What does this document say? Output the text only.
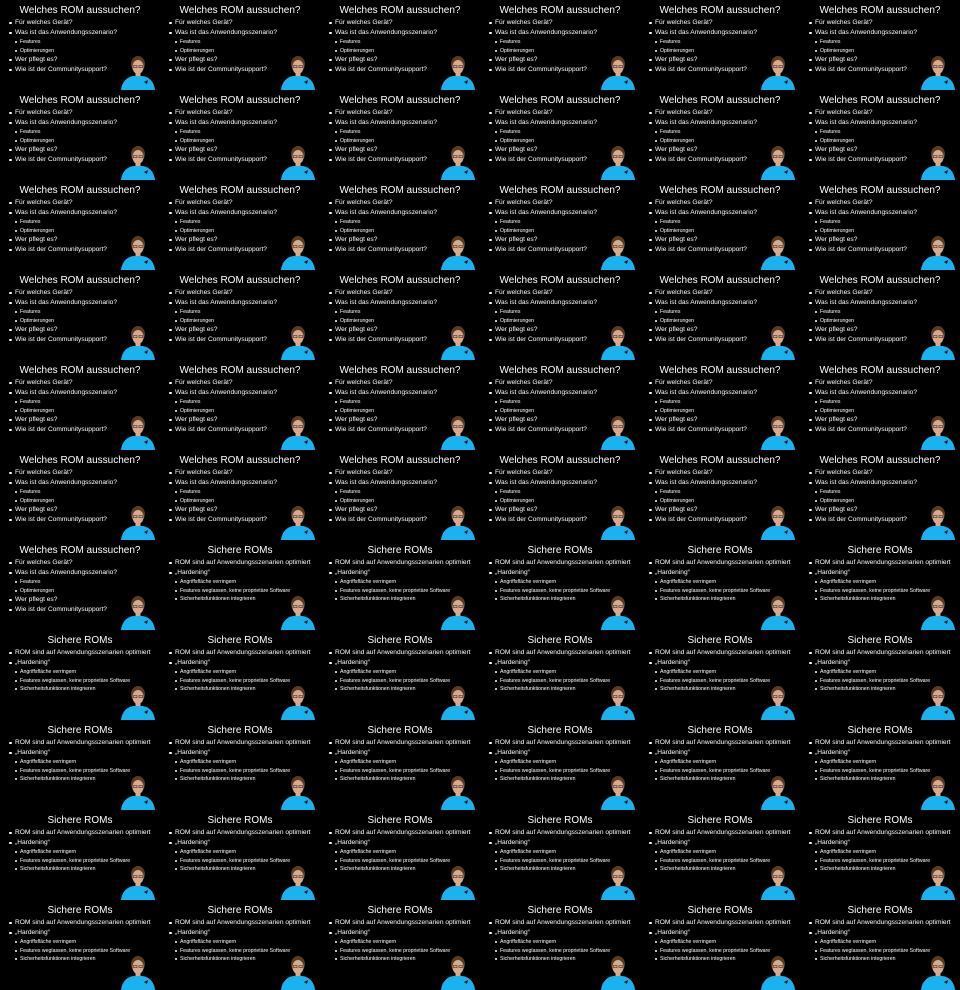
Welches ROM aussuchen?
Für welches Gerät?
Was ist das Anwendungsszenario?
Features
Optimierungen
Wer pflegt es?
Wie ist der Communitysupport?
Welches ROM aussuchen?
Für welches Gerät?
Was ist das Anwendungsszenario?
Features
Optimierungen
Wer pflegt es?
Wie ist der Communitysupport?
Welches ROM aussuchen?
Für welches Gerät?
Was ist das Anwendungsszenario?
Features
Optimierungen
Wer pflegt es?
Wie ist der Communitysupport?
Welches ROM aussuchen?
Für welches Gerät?
Was ist das Anwendungsszenario?
Features
Optimierungen
Wer pflegt es?
Wie ist der Communitysupport?
Welches ROM aussuchen?
Für welches Gerät?
Was ist das Anwendungsszenario?
Features
Optimierungen
Wer pflegt es?
Wie ist der Communitysupport?
Welches ROM aussuchen?
Für welches Gerät?
Was ist das Anwendungsszenario?
Features
Optimierungen
Wer pflegt es?
Wie ist der Communitysupport?
Welches ROM aussuchen?
Für welches Gerät?
Was ist das Anwendungsszenario?
Features
Optimierungen
Wer pflegt es?
Wie ist der Communitysupport?
Welches ROM aussuchen?
Für welches Gerät?
Was ist das Anwendungsszenario?
Features
Optimierungen
Wer pflegt es?
Wie ist der Communitysupport?
Welches ROM aussuchen?
Für welches Gerät?
Was ist das Anwendungsszenario?
Features
Optimierungen
Wer pflegt es?
Wie ist der Communitysupport?
Welches ROM aussuchen?
Für welches Gerät?
Was ist das Anwendungsszenario?
Features
Optimierungen
Wer pflegt es?
Wie ist der Communitysupport?
Welches ROM aussuchen?
Für welches Gerät?
Was ist das Anwendungsszenario?
Features
Optimierungen
Wer pflegt es?
Wie ist der Communitysupport?
Welches ROM aussuchen?
Für welches Gerät?
Was ist das Anwendungsszenario?
Features
Optimierungen
Wer pflegt es?
Wie ist der Communitysupport?
Welches ROM aussuchen?
Für welches Gerät?
Was ist das Anwendungsszenario?
Features
Optimierungen
Wer pflegt es?
Wie ist der Communitysupport?
Welches ROM aussuchen?
Für welches Gerät?
Was ist das Anwendungsszenario?
Features
Optimierungen
Wer pflegt es?
Wie ist der Communitysupport?
Welches ROM aussuchen?
Für welches Gerät?
Was ist das Anwendungsszenario?
Features
Optimierungen
Wer pflegt es?
Wie ist der Communitysupport?
Welches ROM aussuchen?
Für welches Gerät?
Was ist das Anwendungsszenario?
Features
Optimierungen
Wer pflegt es?
Wie ist der Communitysupport?
Welches ROM aussuchen?
Für welches Gerät?
Was ist das Anwendungsszenario?
Features
Optimierungen
Wer pflegt es?
Wie ist der Communitysupport?
Welches ROM aussuchen?
Für welches Gerät?
Was ist das Anwendungsszenario?
Features
Optimierungen
Wer pflegt es?
Wie ist der Communitysupport?
Welches ROM aussuchen?
Für welches Gerät?
Was ist das Anwendungsszenario?
Features
Optimierungen
Wer pflegt es?
Wie ist der Communitysupport?
Welches ROM aussuchen?
Für welches Gerät?
Was ist das Anwendungsszenario?
Features
Optimierungen
Wer pflegt es?
Wie ist der Communitysupport?
Welches ROM aussuchen?
Für welches Gerät?
Was ist das Anwendungsszenario?
Features
Optimierungen
Wer pflegt es?
Wie ist der Communitysupport?
Welches ROM aussuchen?
Für welches Gerät?
Was ist das Anwendungsszenario?
Features
Optimierungen
Wer pflegt es?
Wie ist der Communitysupport?
Welches ROM aussuchen?
Für welches Gerät?
Was ist das Anwendungsszenario?
Features
Optimierungen
Wer pflegt es?
Wie ist der Communitysupport?
Welches ROM aussuchen?
Für welches Gerät?
Was ist das Anwendungsszenario?
Features
Optimierungen
Wer pflegt es?
Wie ist der Communitysupport?
Welches ROM aussuchen?
Für welches Gerät?
Was ist das Anwendungsszenario?
Features
Optimierungen
Wer pflegt es?
Wie ist der Communitysupport?
Welches ROM aussuchen?
Für welches Gerät?
Was ist das Anwendungsszenario?
Features
Optimierungen
Wer pflegt es?
Wie ist der Communitysupport?
Welches ROM aussuchen?
Für welches Gerät?
Was ist das Anwendungsszenario?
Features
Optimierungen
Wer pflegt es?
Wie ist der Communitysupport?
Welches ROM aussuchen?
Für welches Gerät?
Was ist das Anwendungsszenario?
Features
Optimierungen
Wer pflegt es?
Wie ist der Communitysupport?
Welches ROM aussuchen?
Für welches Gerät?
Was ist das Anwendungsszenario?
Features
Optimierungen
Wer pflegt es?
Wie ist der Communitysupport?
Welches ROM aussuchen?
Für welches Gerät?
Was ist das Anwendungsszenario?
Features
Optimierungen
Wer pflegt es?
Wie ist der Communitysupport?
Welches ROM aussuchen?
Für welches Gerät?
Was ist das Anwendungsszenario?
Features
Optimierungen
Wer pflegt es?
Wie ist der Communitysupport?
Welches ROM aussuchen?
Für welches Gerät?
Was ist das Anwendungsszenario?
Features
Optimierungen
Wer pflegt es?
Wie ist der Communitysupport?
Welches ROM aussuchen?
Für welches Gerät?
Was ist das Anwendungsszenario?
Features
Optimierungen
Wer pflegt es?
Wie ist der Communitysupport?
Welches ROM aussuchen?
Für welches Gerät?
Was ist das Anwendungsszenario?
Features
Optimierungen
Wer pflegt es?
Wie ist der Communitysupport?
Welches ROM aussuchen?
Für welches Gerät?
Was ist das Anwendungsszenario?
Features
Optimierungen
Wer pflegt es?
Wie ist der Communitysupport?
Welches ROM aussuchen?
Für welches Gerät?
Was ist das Anwendungsszenario?
Features
Optimierungen
Wer pflegt es?
Wie ist der Communitysupport?
Welches ROM aussuchen?
Für welches Gerät?
Was ist das Anwendungsszenario?
Features
Optimierungen
Wer pflegt es?
Wie ist der Communitysupport?
Sichere ROMs
ROM sind auf Anwendungsszenarien optimiert
„Hardening“
Angriffsfläche verringern
Features weglassen, keine proprietäre Software
Sicherheitsfunktionen integrieren
Sichere ROMs
ROM sind auf Anwendungsszenarien optimiert
„Hardening“
Angriffsfläche verringern
Features weglassen, keine proprietäre Software
Sicherheitsfunktionen integrieren
Sichere ROMs
ROM sind auf Anwendungsszenarien optimiert
„Hardening“
Angriffsfläche verringern
Features weglassen, keine proprietäre Software
Sicherheitsfunktionen integrieren
Sichere ROMs
ROM sind auf Anwendungsszenarien optimiert
„Hardening“
Angriffsfläche verringern
Features weglassen, keine proprietäre Software
Sicherheitsfunktionen integrieren
Sichere ROMs
ROM sind auf Anwendungsszenarien optimiert
„Hardening“
Angriffsfläche verringern
Features weglassen, keine proprietäre Software
Sicherheitsfunktionen integrieren
Sichere ROMs
ROM sind auf Anwendungsszenarien optimiert
„Hardening“
Angriffsfläche verringern
Features weglassen, keine proprietäre Software
Sicherheitsfunktionen integrieren
Sichere ROMs
ROM sind auf Anwendungsszenarien optimiert
„Hardening“
Angriffsfläche verringern
Features weglassen, keine proprietäre Software
Sicherheitsfunktionen integrieren
Sichere ROMs
ROM sind auf Anwendungsszenarien optimiert
„Hardening“
Angriffsfläche verringern
Features weglassen, keine proprietäre Software
Sicherheitsfunktionen integrieren
Sichere ROMs
ROM sind auf Anwendungsszenarien optimiert
„Hardening“
Angriffsfläche verringern
Features weglassen, keine proprietäre Software
Sicherheitsfunktionen integrieren
Sichere ROMs
ROM sind auf Anwendungsszenarien optimiert
„Hardening“
Angriffsfläche verringern
Features weglassen, keine proprietäre Software
Sicherheitsfunktionen integrieren
Sichere ROMs
ROM sind auf Anwendungsszenarien optimiert
„Hardening“
Angriffsfläche verringern
Features weglassen, keine proprietäre Software
Sicherheitsfunktionen integrieren
Sichere ROMs
ROM sind auf Anwendungsszenarien optimiert
„Hardening“
Angriffsfläche verringern
Features weglassen, keine proprietäre Software
Sicherheitsfunktionen integrieren
Sichere ROMs
ROM sind auf Anwendungsszenarien optimiert
„Hardening“
Angriffsfläche verringern
Features weglassen, keine proprietäre Software
Sicherheitsfunktionen integrieren
Sichere ROMs
ROM sind auf Anwendungsszenarien optimiert
„Hardening“
Angriffsfläche verringern
Features weglassen, keine proprietäre Software
Sicherheitsfunktionen integrieren
Sichere ROMs
ROM sind auf Anwendungsszenarien optimiert
„Hardening“
Angriffsfläche verringern
Features weglassen, keine proprietäre Software
Sicherheitsfunktionen integrieren
Sichere ROMs
ROM sind auf Anwendungsszenarien optimiert
„Hardening“
Angriffsfläche verringern
Features weglassen, keine proprietäre Software
Sicherheitsfunktionen integrieren
Sichere ROMs
ROM sind auf Anwendungsszenarien optimiert
„Hardening“
Angriffsfläche verringern
Features weglassen, keine proprietäre Software
Sicherheitsfunktionen integrieren
Sichere ROMs
ROM sind auf Anwendungsszenarien optimiert
„Hardening“
Angriffsfläche verringern
Features weglassen, keine proprietäre Software
Sicherheitsfunktionen integrieren
Sichere ROMs
ROM sind auf Anwendungsszenarien optimiert
„Hardening“
Angriffsfläche verringern
Features weglassen, keine proprietäre Software
Sicherheitsfunktionen integrieren
Sichere ROMs
ROM sind auf Anwendungsszenarien optimiert
„Hardening“
Angriffsfläche verringern
Features weglassen, keine proprietäre Software
Sicherheitsfunktionen integrieren
Sichere ROMs
ROM sind auf Anwendungsszenarien optimiert
„Hardening“
Angriffsfläche verringern
Features weglassen, keine proprietäre Software
Sicherheitsfunktionen integrieren
Sichere ROMs
ROM sind auf Anwendungsszenarien optimiert
„Hardening“
Angriffsfläche verringern
Features weglassen, keine proprietäre Software
Sicherheitsfunktionen integrieren
Sichere ROMs
ROM sind auf Anwendungsszenarien optimiert
„Hardening“
Angriffsfläche verringern
Features weglassen, keine proprietäre Software
Sicherheitsfunktionen integrieren
Sichere ROMs
ROM sind auf Anwendungsszenarien optimiert
„Hardening“
Angriffsfläche verringern
Features weglassen, keine proprietäre Software
Sicherheitsfunktionen integrieren
Sichere ROMs
ROM sind auf Anwendungsszenarien optimiert
„Hardening“
Angriffsfläche verringern
Features weglassen, keine proprietäre Software
Sicherheitsfunktionen integrieren
Sichere ROMs
ROM sind auf Anwendungsszenarien optimiert
„Hardening“
Angriffsfläche verringern
Features weglassen, keine proprietäre Software
Sicherheitsfunktionen integrieren
Sichere ROMs
ROM sind auf Anwendungsszenarien optimiert
„Hardening“
Angriffsfläche verringern
Features weglassen, keine proprietäre Software
Sicherheitsfunktionen integrieren
Sichere ROMs
ROM sind auf Anwendungsszenarien optimiert
„Hardening“
Angriffsfläche verringern
Features weglassen, keine proprietäre Software
Sicherheitsfunktionen integrieren
Sichere ROMs
ROM sind auf Anwendungsszenarien optimiert
„Hardening“
Angriffsfläche verringern
Features weglassen, keine proprietäre Software
Sicherheitsfunktionen integrieren
